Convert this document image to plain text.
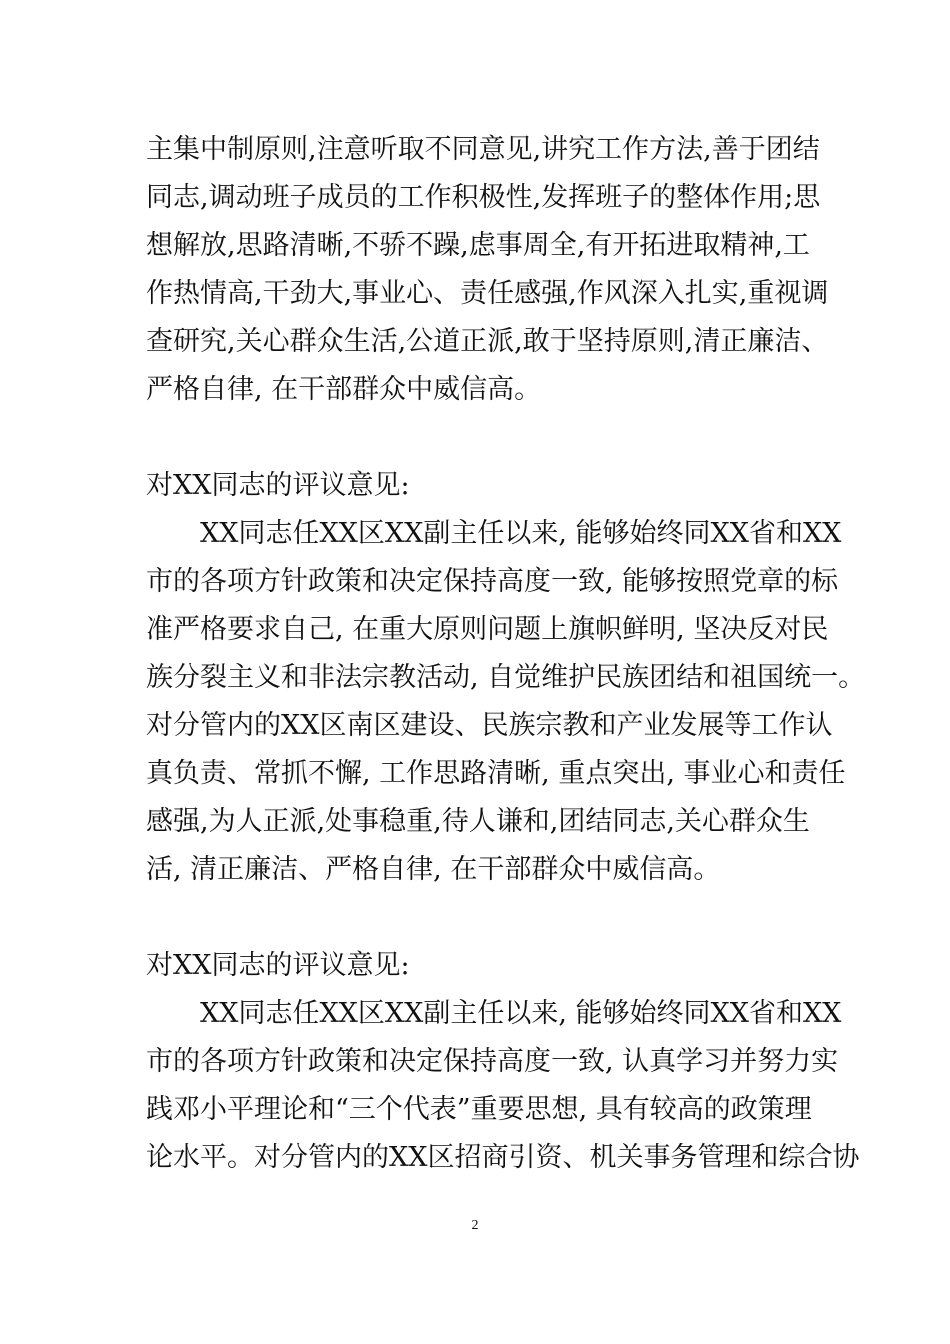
主集中制原则,注意听取不同意见,讲究工作方法,善于团结
同志,调动班子成员的工作积极性,发挥班子的整体作用;思
想解放,思路清晰,不骄不躁,虑事周全,有开拓进取精神,工
作热情高,干劲大,事业心、责任感强,作风深入扎实,重视调
查研究,关心群众生活,公道正派,敢于坚持原则,清正廉洁、
严格自律, 在干部群众中威信高。
对XX同志的评议意见:
XX同志任XX区XX副主任以来, 能够始终同XX省和XX
市的各项方针政策和决定保持高度一致, 能够按照党章的标
准严格要求自己, 在重大原则问题上旗帜鲜明, 坚决反对民
族分裂主义和非法宗教活动, 自觉维护民族团结和祖国统一。
对分管内的XX区南区建设、民族宗教和产业发展等工作认
真负责、常抓不懈, 工作思路清晰, 重点突出, 事业心和责任
感强,为人正派,处事稳重,待人谦和,团结同志,关心群众生
活, 清正廉洁、严格自律, 在干部群众中威信高。
对XX同志的评议意见:
XX同志任XX区XX副主任以来, 能够始终同XX省和XX
市的各项方针政策和决定保持高度一致, 认真学习并努力实
践邓小平理论和“三个代表”重要思想, 具有较高的政策理
论水平。对分管内的XX区招商引资、机关事务管理和综合协
2
